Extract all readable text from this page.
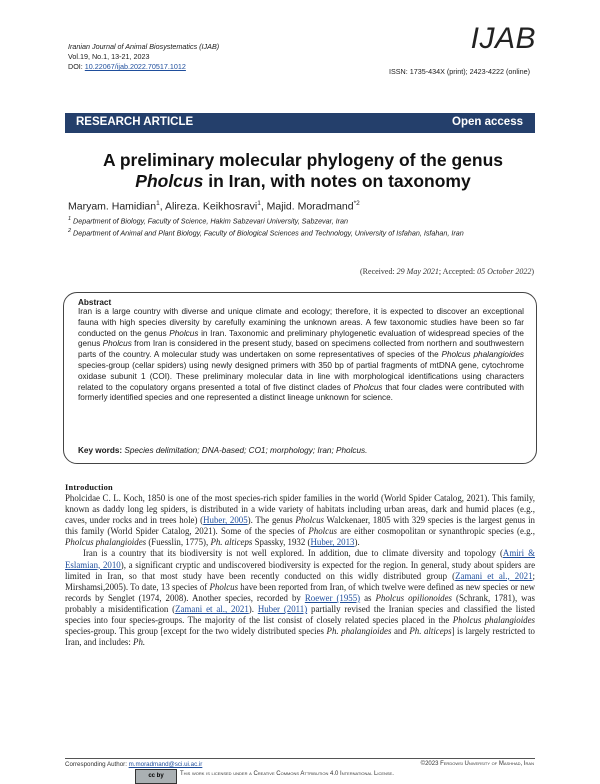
Iranian Journal of Animal Biosystematics (IJAB)
Vol.19, No.1, 13-21, 2023
DOI: 10.22067/ijab.2022.70517.1012
IJAB
ISSN: 1735-434X (print); 2423-4222 (online)
RESEARCH ARTICLE	Open access
A preliminary molecular phylogeny of the genus
Pholcus in Iran, with notes on taxonomy
Maryam. Hamidian$^1$, Alireza. Keikhosravi$^1$, Majid. Moradmand$^{*2}$
$^1$ Department of Biology, Faculty of Science, Hakim Sabzevari University, Sabzevar, Iran
$^2$ Department of Animal and Plant Biology, Faculty of Biological Sciences and Technology, University of Isfahan, Isfahan, Iran
(Received: 29 May 2021; Accepted: 05 October 2022)
Abstract
Iran is a large country with diverse and unique climate and ecology; therefore, it is expected to discover an exceptional fauna with high species diversity by carefully examining the unknown areas. A few taxonomic studies have been so far conducted on the genus Pholcus in Iran. Taxonomic and preliminary phylogenetic evaluation of widespread species of the genus Pholcus from Iran is considered in the present study, based on specimens collected from northern and southwestern parts of the country. A molecular study was undertaken on some representatives of species of the Pholcus phalangioides species-group (cellar spiders) using newly designed primers with 350 bp of partial fragments of mtDNA gene, cytochrome oxidase subunit 1 (COI). These preliminary molecular data in line with morphological identifications using characters related to the copulatory organs presented a total of five distinct clades of Pholcus that four clades were contributed with formerly identified species and one represented a distinct lineage unknown for science.
Key words: Species delimitation; DNA-based; CO1; morphology; Iran; Pholcus.
Introduction

Pholcidae C. L. Koch, 1850 is one of the most species-rich spider families in the world (World Spider Catalog, 2021). This family, known as daddy long leg spiders, is distributed in a wide variety of habitats including urban areas, dark and humid places (e.g., caves, under rocks and in trees hole) (Huber, 2005). The genus Pholcus Walckenaer, 1805 with 329 species is the largest genus in this family (World Spider Catalog, 2021). Some of the species of Pholcus are either cosmopolitan or synanthropic species (e.g., Pholcus phalangioides (Fuesslin, 1775), Ph. alticeps Spassky, 1932 (Huber, 2013).

Iran is a country that its biodiversity is not well explored. In addition, due to climate diversity and topology (Amiri & Eslamian, 2010), a significant cryptic and undiscovered biodiversity is expected for the region. In general, study about spiders are limited in Iran, so that most study have been recently conducted on this widly distributed group (Zamani et al., 2021; Mirshamsi,2005). To date, 13 species of Pholcus have been reported from Iran, of which twelve were defined as new species or new records by Senglet (1974, 2008). Another species, recorded by Roewer (1955) as Pholcus opilionoides (Schrank, 1781), was probably a misidentification (Zamani et al., 2021). Huber (2011) partially revised the Iranian species and classified the listed species into four species-groups. The majority of the list consist of closely related species placed in the Pholcus phalangioides species-group. This group [except for the two widely distributed species Ph. phalangioides and Ph. alticeps] is largely restricted to Iran, and includes: Ph.

Corresponding Author: m.moradmand@sci.ui.ac.ir	©2023 Ferdowsi University of Mashhad, Iran
cc by	This work is licensed under a Creative Commons Attribution 4.0 International License.
